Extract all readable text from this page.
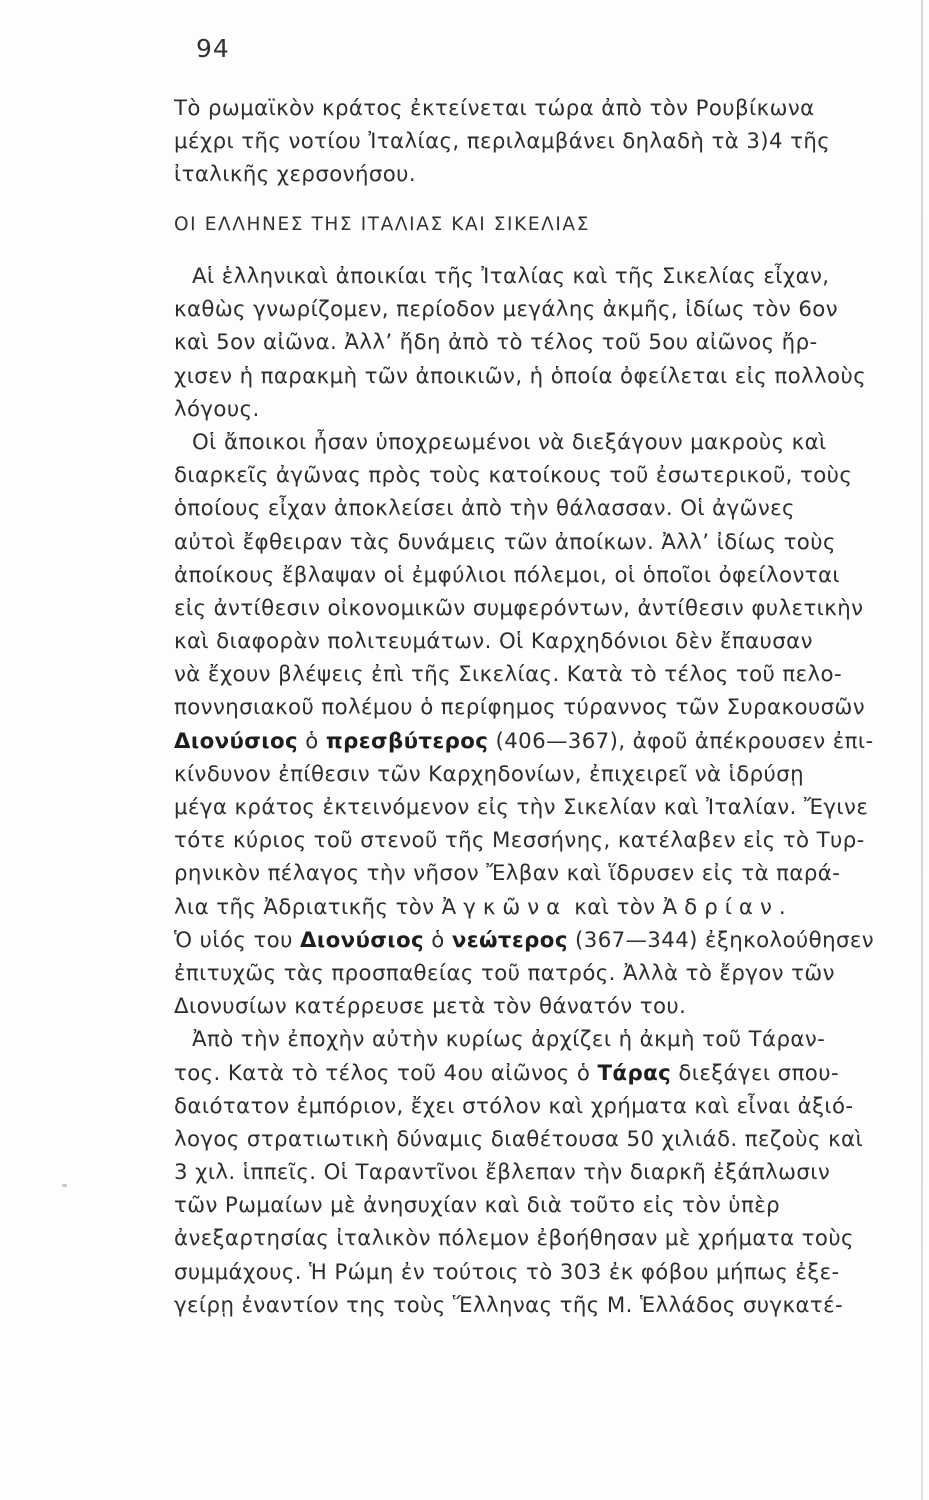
94
Τὸ ρωμαϊκὸν κράτος ἐκτείνεται τώρα ἀπὸ τὸν Ρουβίκωνα
μέχρι τῆς νοτίου Ἰταλίας, περιλαμβάνει δηλαδὴ τὰ 3)4 τῆς
ἰταλικῆς χερσονήσου.
ΟΙ ΕΛΛΗΝΕΣ ΤΗΣ ΙΤΑΛΙΑΣ ΚΑΙ ΣΙΚΕΛΙΑΣ
Αἱ ἑλληνικαὶ ἀποικίαι τῆς Ἰταλίας καὶ τῆς Σικελίας εἶχαν,
καθὼς γνωρίζομεν, περίοδον μεγάλης ἀκμῆς, ἰδίως τὸν 6ον
καὶ 5ον αἰῶνα. Ἀλλ’ ἤδη ἀπὸ τὸ τέλος τοῦ 5ου αἰῶνος ἤρ-
χισεν ἡ παρακμὴ τῶν ἀποικιῶν, ἡ ὁποία ὀφείλεται εἰς πολλοὺς
λόγους.
Οἱ ἄποικοι ἦσαν ὑποχρεωμένοι νὰ διεξάγουν μακροὺς καὶ
διαρκεῖς ἀγῶνας πρὸς τοὺς κατοίκους τοῦ ἐσωτερικοῦ, τοὺς
ὁποίους εἶχαν ἀποκλείσει ἀπὸ τὴν θάλασσαν. Οἱ ἀγῶνες
αὐτοὶ ἔφθειραν τὰς δυνάμεις τῶν ἀποίκων. Ἀλλ’ ἰδίως τοὺς
ἀποίκους ἔβλαψαν οἱ ἐμφύλιοι πόλεμοι, οἱ ὁποῖοι ὀφείλονται
εἰς ἀντίθεσιν οἰκονομικῶν συμφερόντων, ἀντίθεσιν φυλετικὴν
καὶ διαφορὰν πολιτευμάτων. Οἱ Καρχηδόνιοι δὲν ἔπαυσαν
νὰ ἔχουν βλέψεις ἐπὶ τῆς Σικελίας. Κατὰ τὸ τέλος τοῦ πελο-
ποννησιακοῦ πολέμου ὁ περίφημος τύραννος τῶν Συρακουσῶν
Διονύσιος ὁ πρεσβύτερος (406—367), ἀφοῦ ἀπέκρουσεν ἐπι-
κίνδυνον ἐπίθεσιν τῶν Καρχηδονίων, ἐπιχειρεῖ νὰ ἱδρύσῃ
μέγα κράτος ἐκτεινόμενον εἰς τὴν Σικελίαν καὶ Ἰταλίαν. Ἔγινε
τότε κύριος τοῦ στενοῦ τῆς Μεσσήνης, κατέλαβεν εἰς τὸ Τυρ-
ρηνικὸν πέλαγος τὴν νῆσον Ἔλβαν καὶ ἵδρυσεν εἰς τὰ παρά-
λια τῆς Ἀδριατικῆς τὸν Ἀγκῶνα καὶ τὸν Ἀδρίαν.
Ὁ υἱός του Διονύσιος ὁ νεώτερος (367—344) ἐξηκολούθησεν
ἐπιτυχῶς τὰς προσπαθείας τοῦ πατρός. Ἀλλὰ τὸ ἔργον τῶν
Διονυσίων κατέρρευσε μετὰ τὸν θάνατόν του.
Ἀπὸ τὴν ἐποχὴν αὐτὴν κυρίως ἀρχίζει ἡ ἀκμὴ τοῦ Τάραν-
τος. Κατὰ τὸ τέλος τοῦ 4ου αἰῶνος ὁ Τάρας διεξάγει σπου-
δαιότατον ἐμπόριον, ἔχει στόλον καὶ χρήματα καὶ εἶναι ἀξιό-
λογος στρατιωτικὴ δύναμις διαθέτουσα 50 χιλιάδ. πεζοὺς καὶ
3 χιλ. ἱππεῖς. Οἱ Ταραντῖνοι ἔβλεπαν τὴν διαρκῆ ἐξάπλωσιν
τῶν Ρωμαίων μὲ ἀνησυχίαν καὶ διὰ τοῦτο εἰς τὸν ὑπὲρ
ἀνεξαρτησίας ἰταλικὸν πόλεμον ἐβοήθησαν μὲ χρήματα τοὺς
συμμάχους. Ἡ Ρώμη ἐν τούτοις τὸ 303 ἐκ φόβου μήπως ἐξε-
γείρῃ ἐναντίον της τοὺς Ἕλληνας τῆς Μ. Ἑλλάδος συγκατέ-
